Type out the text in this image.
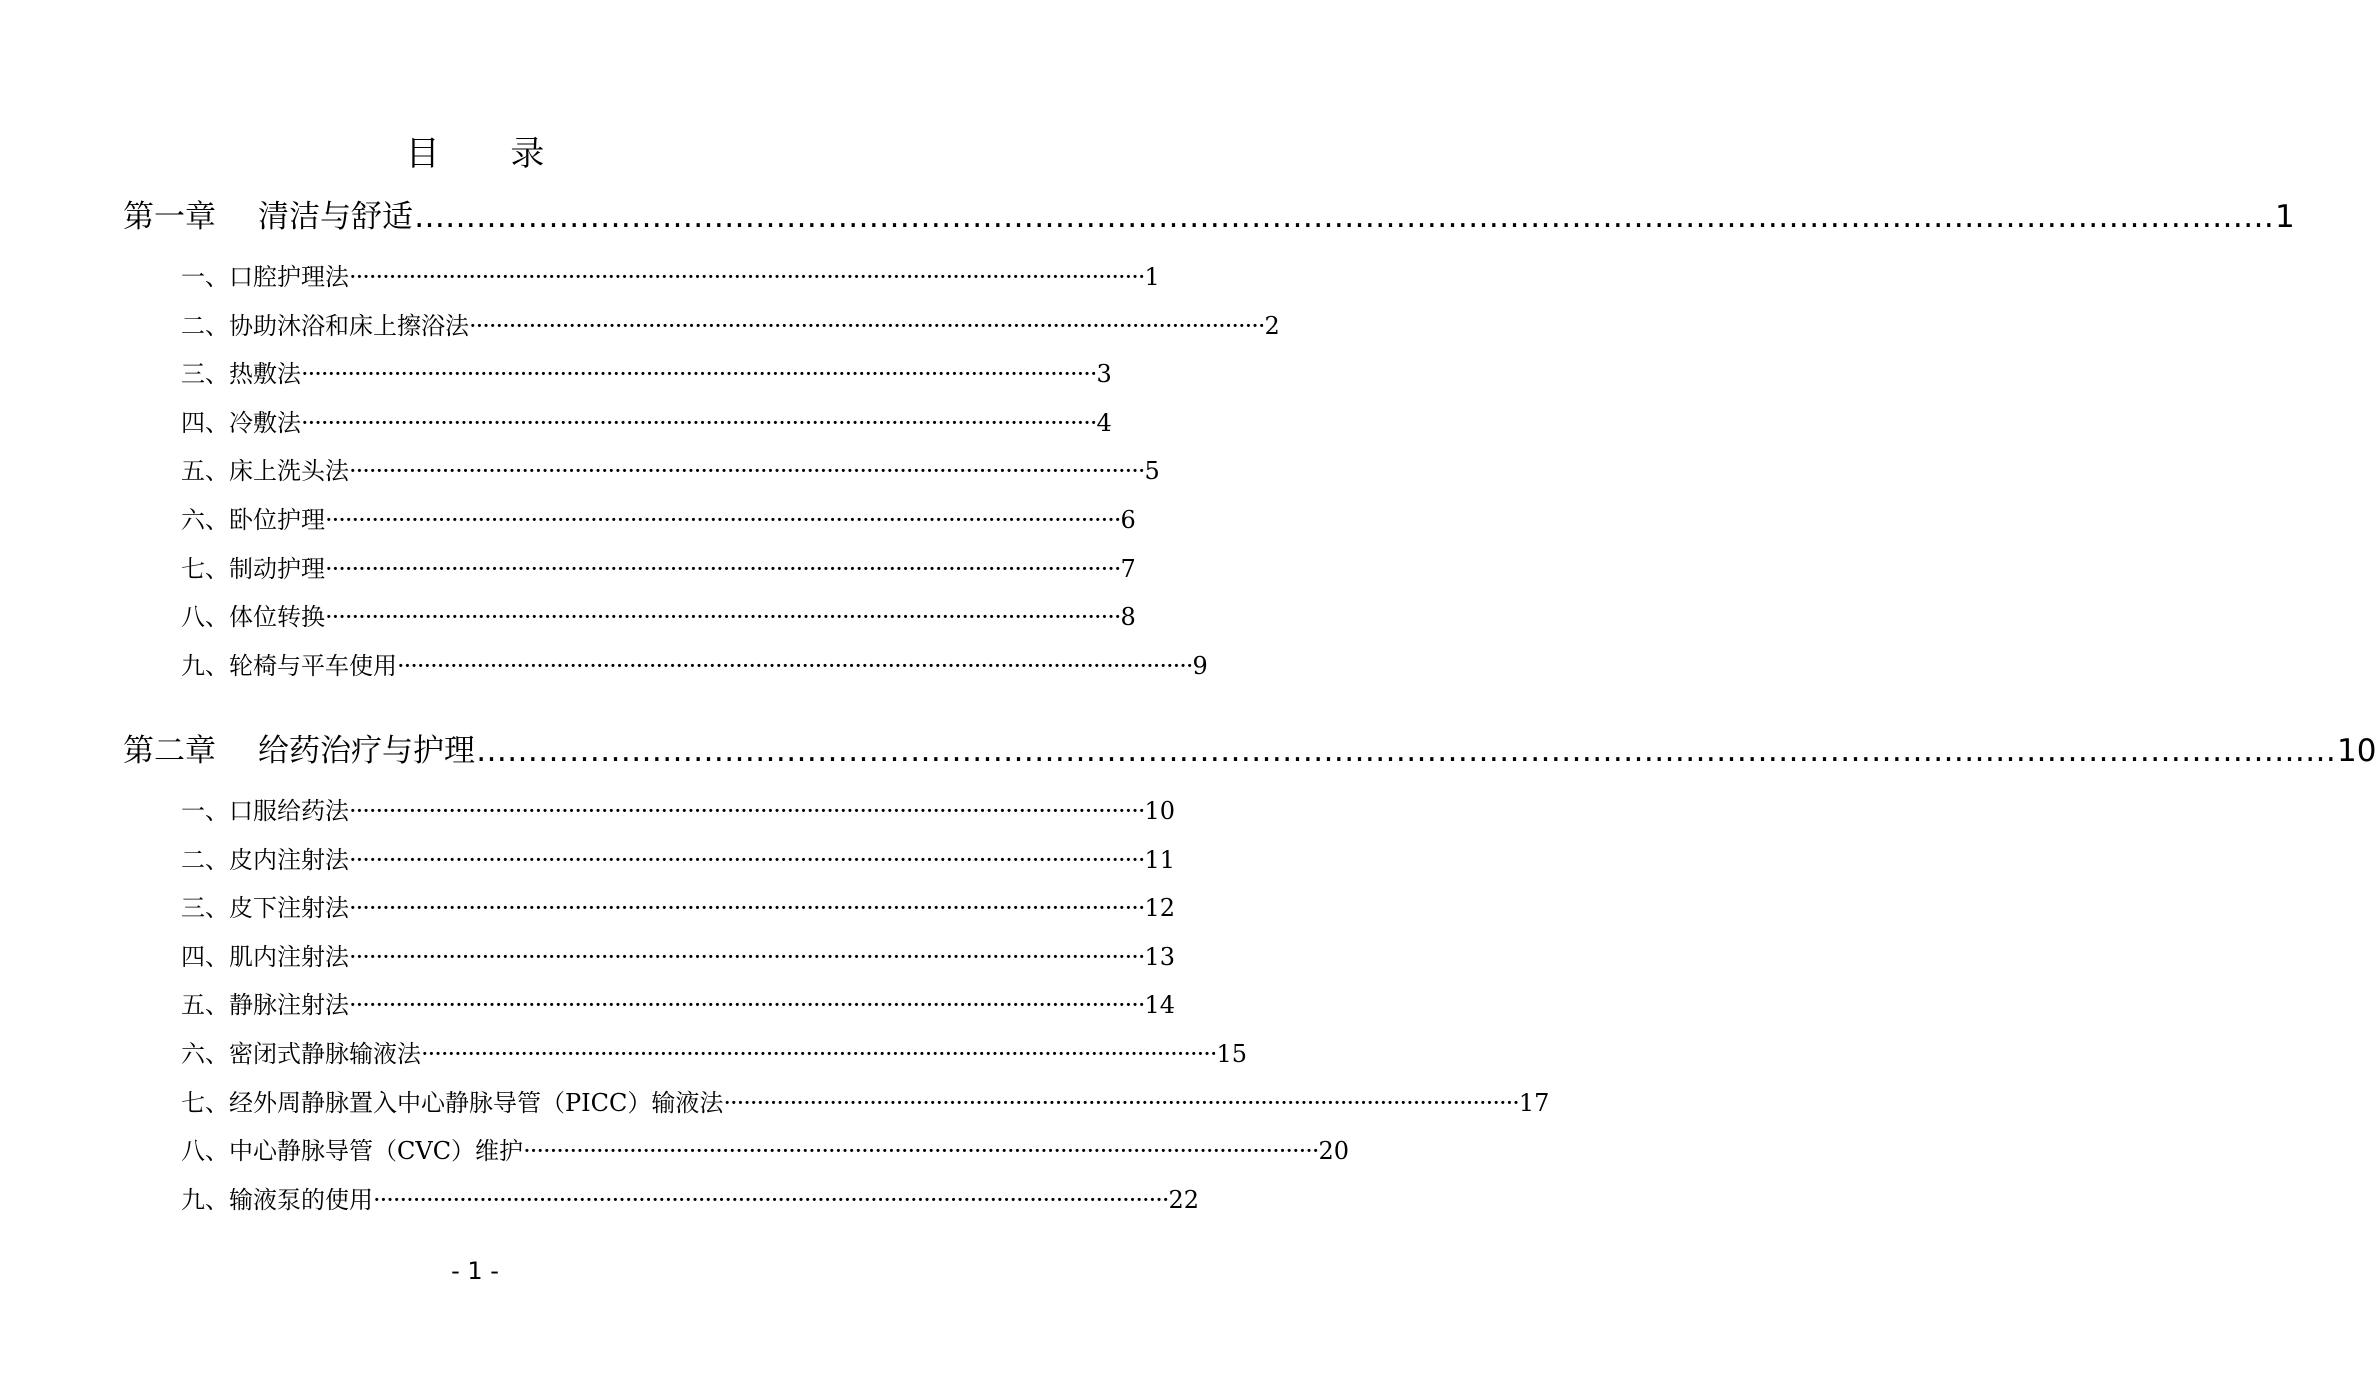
目 录
第一章 清洁与舒适 ……………………………………………………………………………………………………………………………………………………………… 1
一、口腔护理法 ························································································································ 1
二、协助沐浴和床上擦浴法 ························································································································ 2
三、热敷法 ························································································································ 3
四、冷敷法 ························································································································ 4
五、床上洗头法 ························································································································ 5
六、卧位护理 ························································································································ 6
七、制动护理 ························································································································ 7
八、体位转换 ························································································································ 8
九、轮椅与平车使用 ························································································································ 9
第二章 给药治疗与护理 ……………………………………………………………………………………………………………………………………………………………… 10
一、口服给药法 ························································································································ 10
二、皮内注射法 ························································································································ 11
三、皮下注射法 ························································································································ 12
四、肌内注射法 ························································································································ 13
五、静脉注射法 ························································································································ 14
六、密闭式静脉输液法 ························································································································ 15
七、经外周静脉置入中心静脉导管（PICC）输液法 ························································································································ 17
八、中心静脉导管（CVC）维护 ························································································································ 20
九、输液泵的使用 ························································································································ 22
- 1 -
